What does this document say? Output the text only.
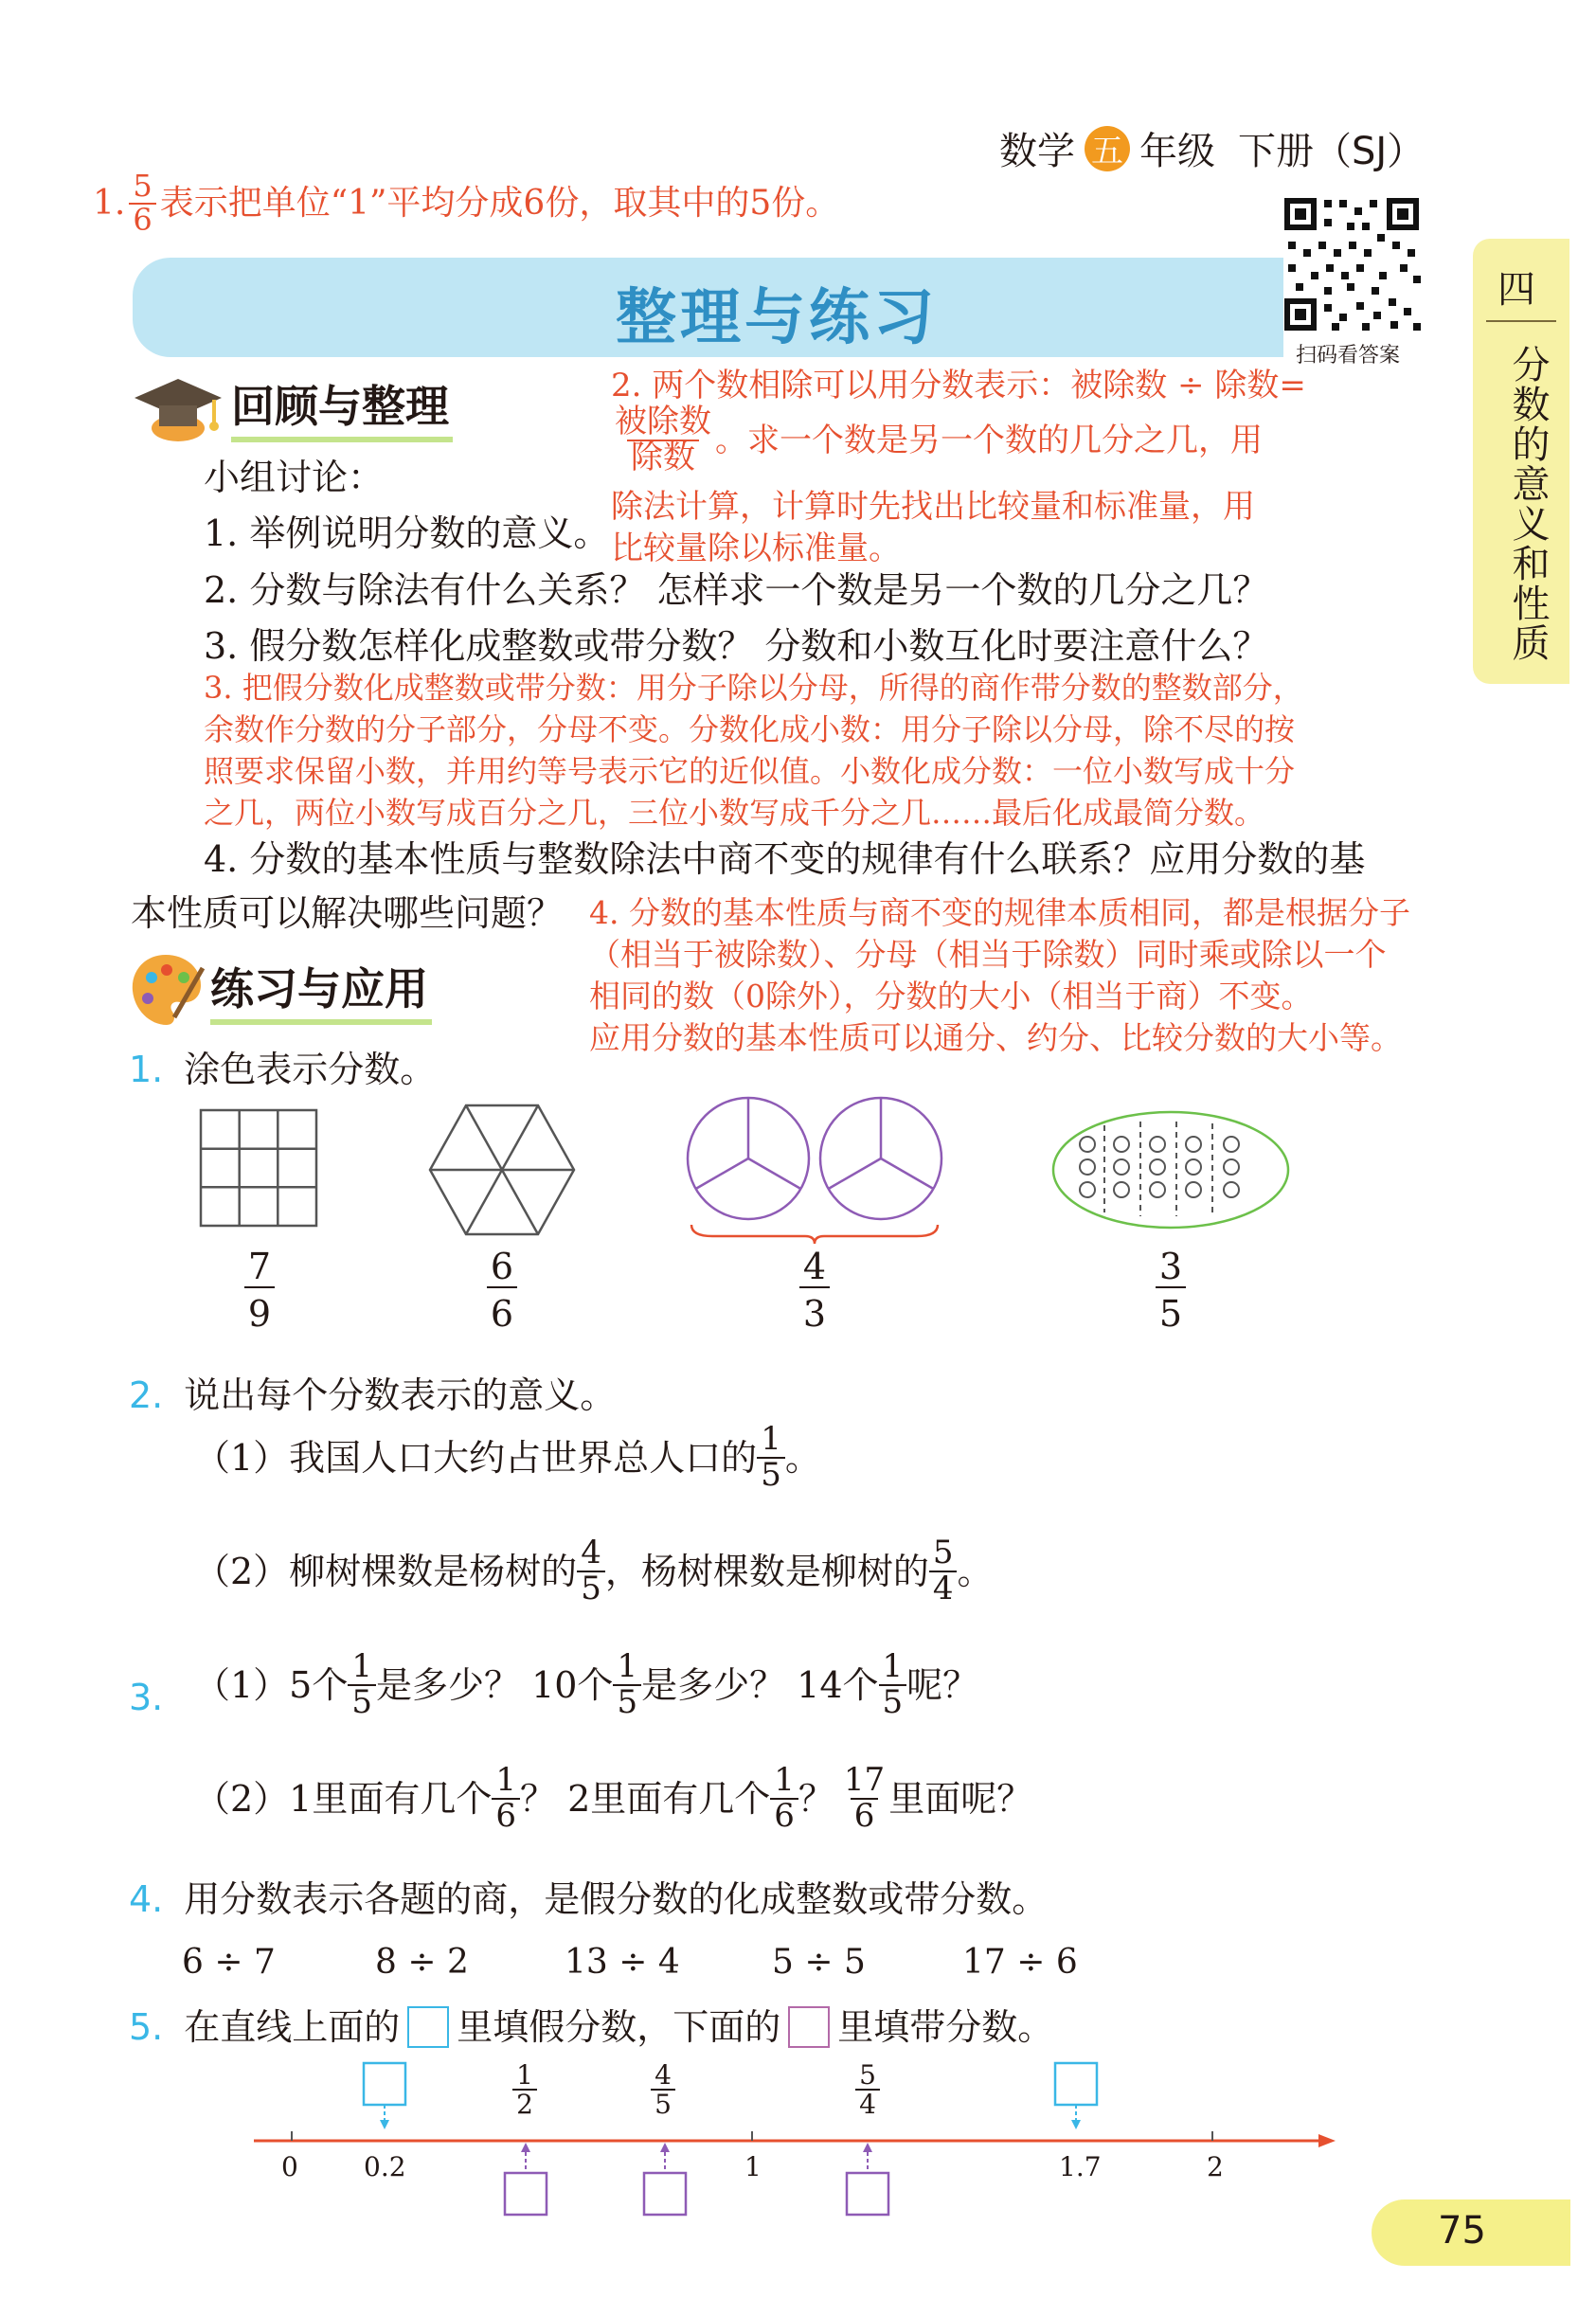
数学 五 年级 下册（SJ）
四
分数的意义和性质
扫码看答案
1. $\frac{5}{6}$ 表示把单位“1”平均分成6份，取其中的5份。
整理与练习
回顾与整理
小组讨论：
1. 举例说明分数的意义。
2. 分数与除法有什么关系？ 怎样求一个数是另一个数的几分之几？
3. 假分数怎样化成整数或带分数？ 分数和小数互化时要注意什么？
2. 两个数相除可以用分数表示：被除数 ÷ 除数=
$\frac{\text{被除数}}{\text{除数}}$ 。求一个数是另一个数的几分之几，用
除法计算，计算时先找出比较量和标准量，用
比较量除以标准量。
3. 把假分数化成整数或带分数：用分子除以分母，所得的商作带分数的整数部分，
余数作分数的分子部分，分母不变。分数化成小数：用分子除以分母，除不尽的按
照要求保留小数，并用约等号表示它的近似值。小数化成分数：一位小数写成十分
之几，两位小数写成百分之几，三位小数写成千分之几……最后化成最简分数。
4. 分数的基本性质与整数除法中商不变的规律有什么联系？应用分数的基
本性质可以解决哪些问题？ 4. 分数的基本性质与商不变的规律本质相同，都是根据分子
（相当于被除数）、分母（相当于除数）同时乘或除以一个
相同的数（0除外），分数的大小（相当于商）不变。
应用分数的基本性质可以通分、约分、比较分数的大小等。
练习与应用
1. 涂色表示分数。
$\frac{7}{9}$	$\frac{6}{6}$	$\frac{4}{3}$	$\frac{3}{5}$
2. 说出每个分数表示的意义。
（1）我国人口大约占世界总人口的 $\frac{1}{5}$ 。
（2）柳树棵数是杨树的 $\frac{4}{5}$ ，杨树棵数是柳树的 $\frac{5}{4}$ 。
3. （1）5个 $\frac{1}{5}$ 是多少？ 10个 $\frac{1}{5}$ 是多少？ 14个 $\frac{1}{5}$ 呢？
（2）1里面有几个 $\frac{1}{6}$ ？ 2里面有几个 $\frac{1}{6}$ ？ $\frac{17}{6}$ 里面呢？
4. 用分数表示各题的商，是假分数的化成整数或带分数。
6 ÷ 7	8 ÷ 2	13 ÷ 4	5 ÷ 5	17 ÷ 6
5. 在直线上面的 里填假分数，下面的 里填带分数。
0 0.2	1	1.7	2
$\frac{1}{2}$	$\frac{4}{5}$	$\frac{5}{4}$
75
